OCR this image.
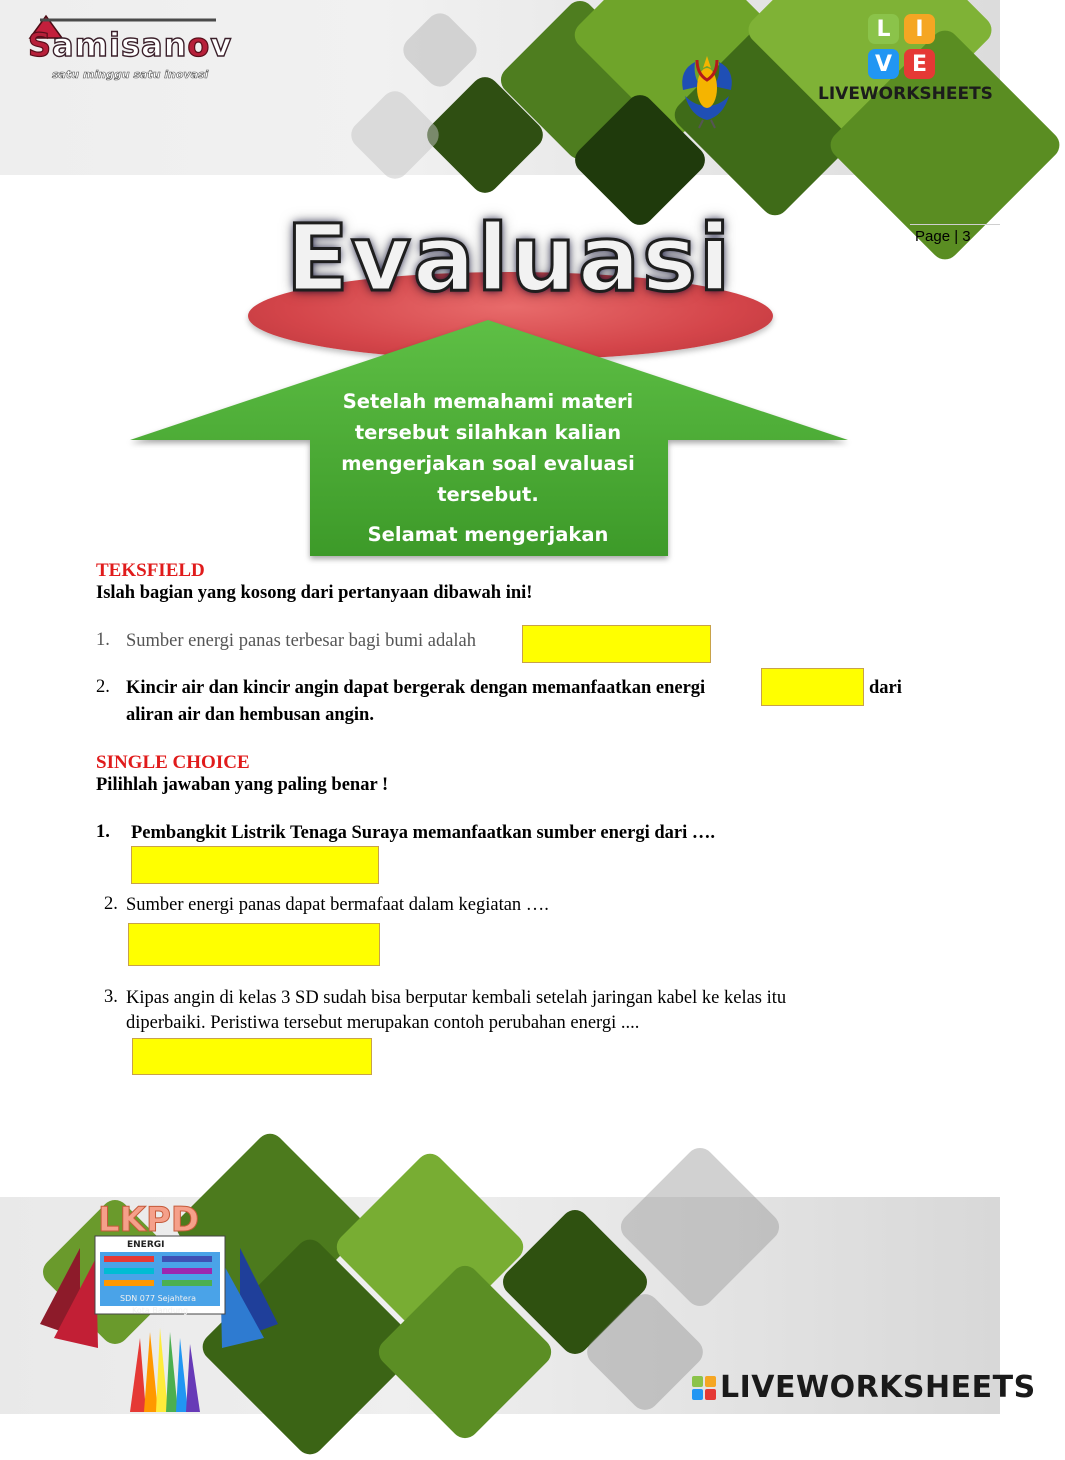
Samisanov
satu minggu satu inovasi
L	I
V E
LIVEWORKSHEETS
Page | 3
Evaluasi
Setelah memahami materi
tersebut silahkan kalian
mengerjakan soal evaluasi
tersebut.
Selamat mengerjakan
TEKSFIELD
Islah bagian yang kosong dari pertanyaan dibawah ini!
1. Sumber energi panas terbesar bagi bumi adalah
2. Kincir air dan kincir angin dapat bergerak dengan memanfaatkan energi	dari
aliran air dan hembusan angin.
SINGLE CHOICE
Pilihlah jawaban yang paling benar !
1. Pembangkit Listrik Tenaga Suraya memanfaatkan sumber energi dari ….
2. Sumber energi panas dapat bermafaat dalam kegiatan ….
3. Kipas angin di kelas 3 SD sudah bisa berputar kembali setelah jaringan kabel ke kelas itu
diperbaiki. Peristiwa tersebut merupakan contoh perubahan energi ....
ENERGI
SDN 077 Sejahtera
Kota Bandung
LKPD
LIVEWORKSHEETS
